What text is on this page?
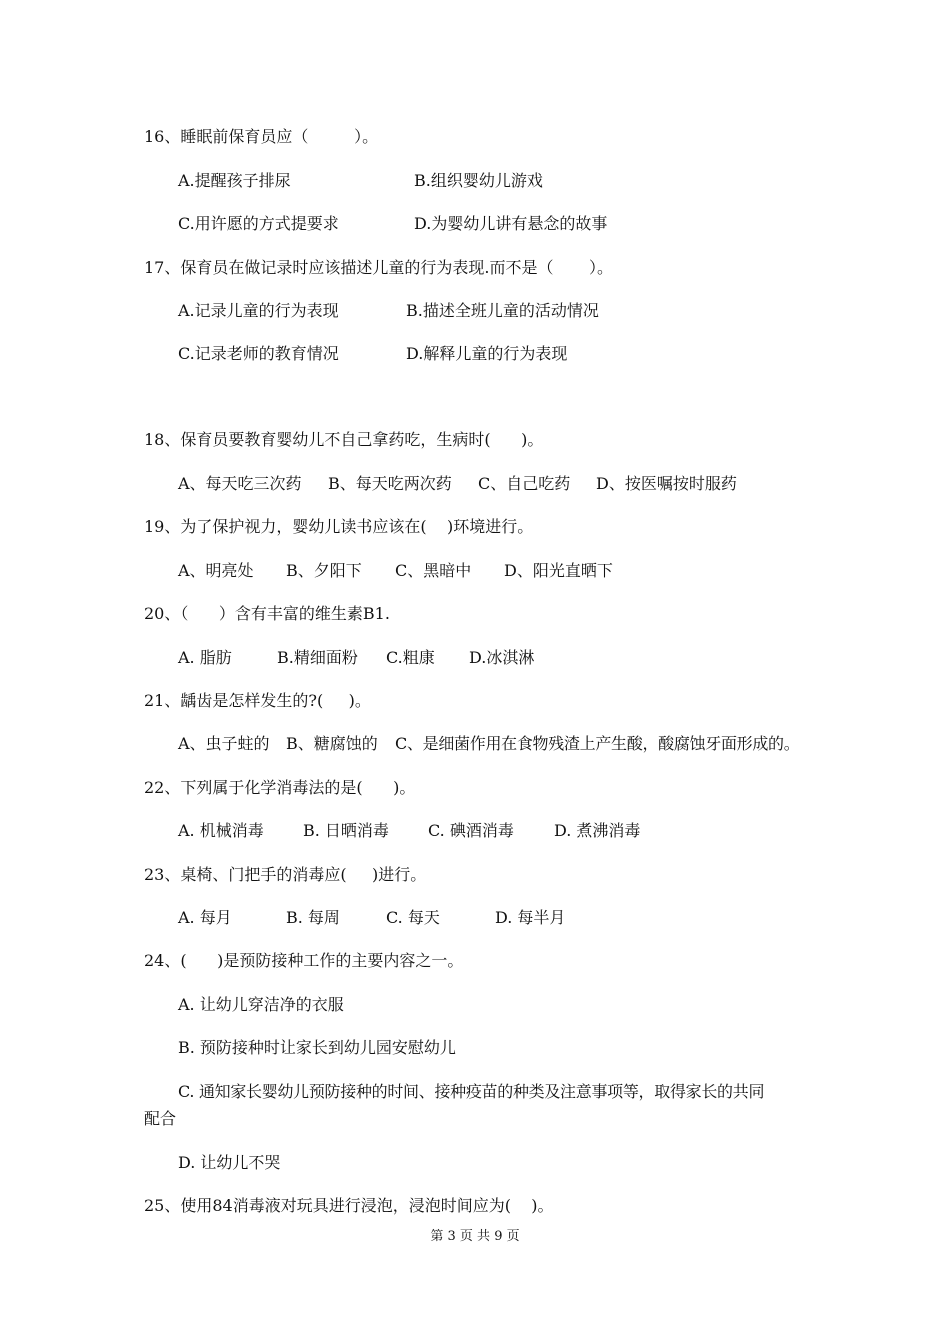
16、睡眠前保育员应（         ）。
A.提醒孩子排尿	B.组织婴幼儿游戏
C.用许愿的方式提要求	D.为婴幼儿讲有悬念的故事
17、保育员在做记录时应该描述儿童的行为表现.而不是（       ）。
A.记录儿童的行为表现	B.描述全班儿童的活动情况
C.记录老师的教育情况	D.解释儿童的行为表现
18、保育员要教育婴幼儿不自己拿药吃，生病时(      )。
A、每天吃三次药 B、每天吃两次药 C、自己吃药 D、按医嘱按时服药
19、为了保护视力，婴幼儿读书应该在(    )环境进行。
A、明亮处 B、夕阳下 C、黑暗中 D、阳光直晒下
20、（      ）含有丰富的维生素B1.
A. 脂肪	B.精细面粉 C.粗康 D.冰淇淋
21、龋齿是怎样发生的?(     )。
A、虫子蛀的 B、糖腐蚀的 C、是细菌作用在食物残渣上产生酸，酸腐蚀牙面形成的。
22、下列属于化学消毒法的是(      )。
A. 机械消毒 B. 日晒消毒 C. 碘酒消毒	D. 煮沸消毒
23、桌椅、门把手的消毒应(     )进行。
A. 每月	B. 每周	C. 每天	D. 每半月
24、(      )是预防接种工作的主要内容之一。
A. 让幼儿穿洁净的衣服
B. 预防接种时让家长到幼儿园安慰幼儿
C. 通知家长婴幼儿预防接种的时间、接种疫苗的种类及注意事项等，取得家长的共同
配合
D. 让幼儿不哭
25、使用84消毒液对玩具进行浸泡，浸泡时间应为(    )。
第 3 页 共 9 页
